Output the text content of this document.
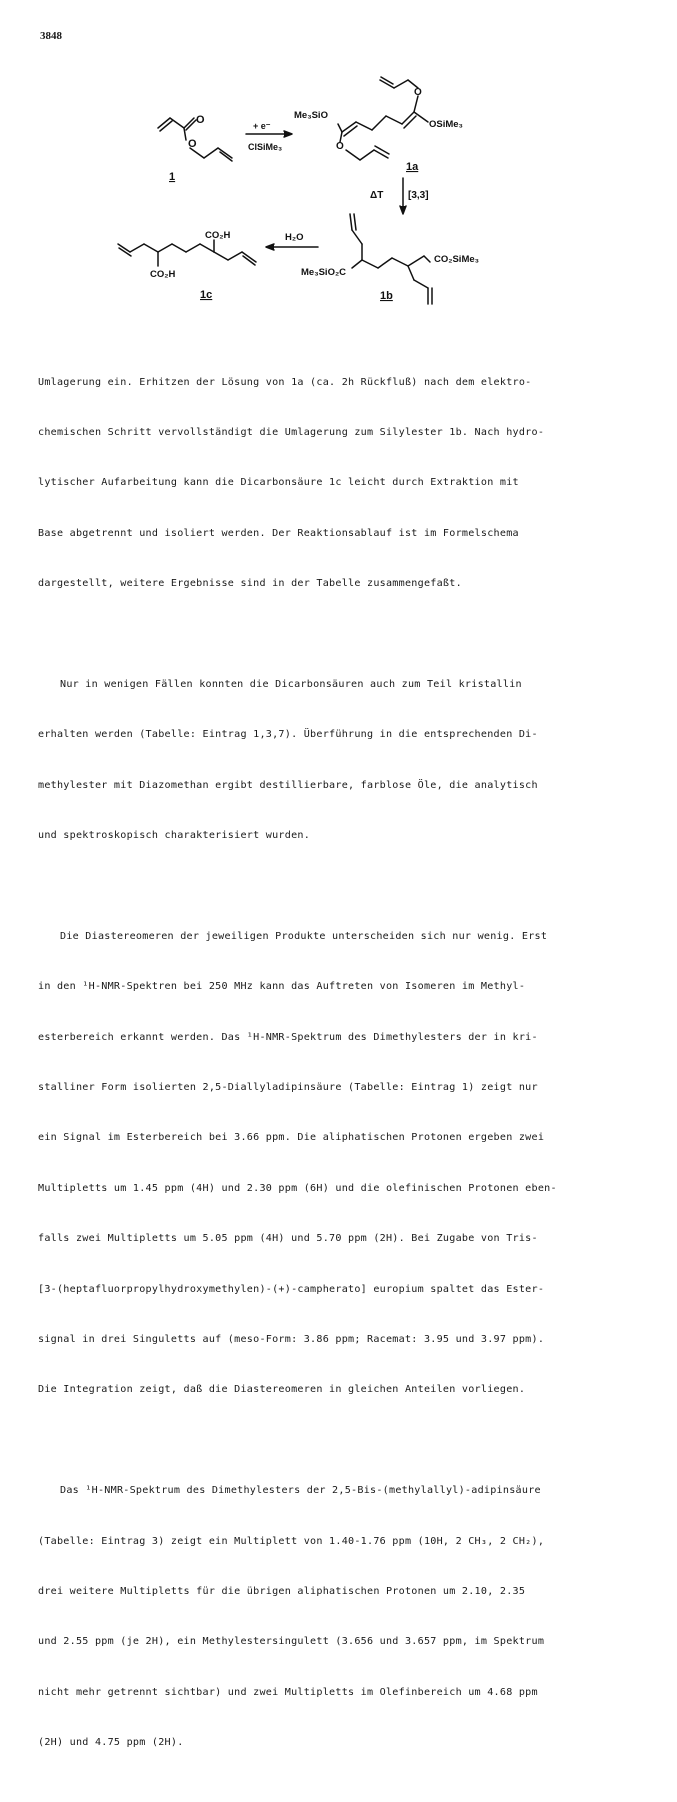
3848
O
O
1
+ e⁻
ClSiMe₃
Me₃SiO
OSiMe₃
O
O
1a
ΔT [3,3]
CO₂SiMe₃
Me₃SiO₂C
1b
H₂O
CO₂H
CO₂H
1c

Umlagerung ein. Erhitzen der Lösung von 1a (ca. 2h Rückfluß) nach dem elektro-

chemischen Schritt vervollständigt die Umlagerung zum Silylester 1b. Nach hydro-

lytischer Aufarbeitung kann die Dicarbonsäure 1c leicht durch Extraktion mit

Base abgetrennt und isoliert werden. Der Reaktionsablauf ist im Formelschema

dargestellt, weitere Ergebnisse sind in der Tabelle zusammengefaßt.

Nur in wenigen Fällen konnten die Dicarbonsäuren auch zum Teil kristallin

erhalten werden (Tabelle: Eintrag 1,3,7). Überführung in die entsprechenden Di-

methylester mit Diazomethan ergibt destillierbare, farblose Öle, die analytisch

und spektroskopisch charakterisiert wurden.

Die Diastereomeren der jeweiligen Produkte unterscheiden sich nur wenig. Erst

in den ¹H-NMR-Spektren bei 250 MHz kann das Auftreten von Isomeren im Methyl-

esterbereich erkannt werden. Das ¹H-NMR-Spektrum des Dimethylesters der in kri-

stalliner Form isolierten 2,5-Diallyladipinsäure (Tabelle: Eintrag 1) zeigt nur

ein Signal im Esterbereich bei 3.66 ppm. Die aliphatischen Protonen ergeben zwei

Multipletts um 1.45 ppm (4H) und 2.30 ppm (6H) und die olefinischen Protonen eben-

falls zwei Multipletts um 5.05 ppm (4H) und 5.70 ppm (2H). Bei Zugabe von Tris-

[3-(heptafluorpropylhydroxymethylen)-(+)-campherato] europium spaltet das Ester-

signal in drei Singuletts auf (meso-Form: 3.86 ppm; Racemat: 3.95 und 3.97 ppm).

Die Integration zeigt, daß die Diastereomeren in gleichen Anteilen vorliegen.

Das ¹H-NMR-Spektrum des Dimethylesters der 2,5-Bis-(methylallyl)-adipinsäure

(Tabelle: Eintrag 3) zeigt ein Multiplett von 1.40-1.76 ppm (10H, 2 CH₃, 2 CH₂),

drei weitere Multipletts für die übrigen aliphatischen Protonen um 2.10, 2.35

und 2.55 ppm (je 2H), ein Methylestersingulett (3.656 und 3.657 ppm, im Spektrum

nicht mehr getrennt sichtbar) und zwei Multipletts im Olefinbereich um 4.68 ppm

(2H) und 4.75 ppm (2H).
